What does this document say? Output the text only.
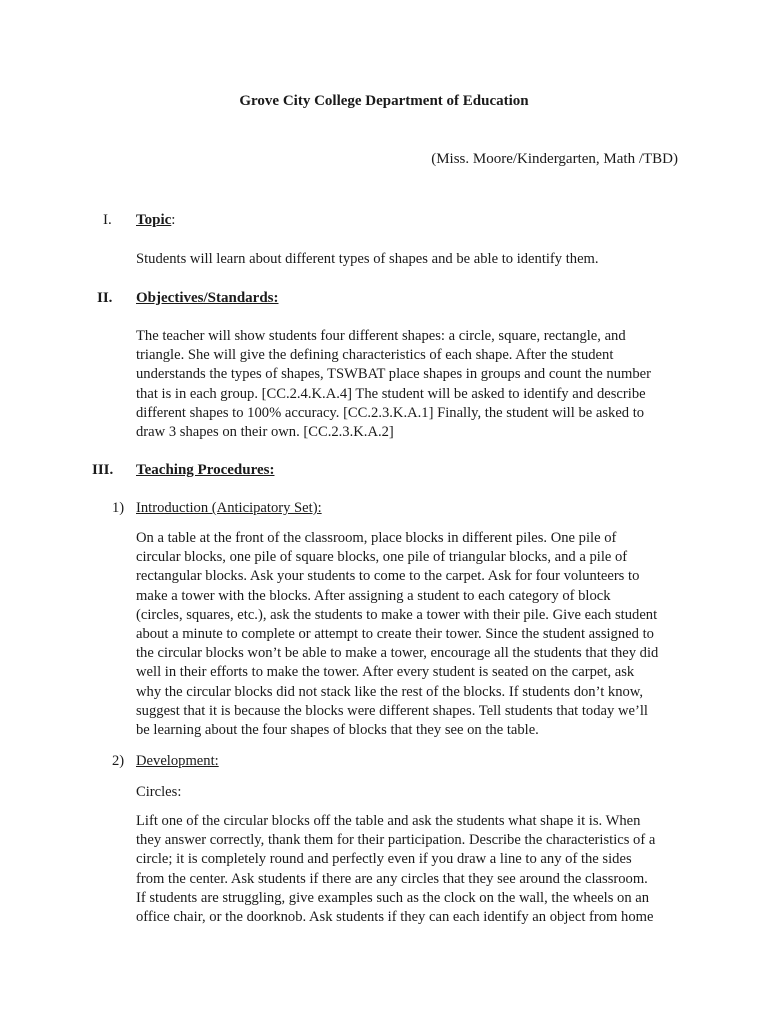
Grove City College Department of Education
(Miss. Moore/Kindergarten, Math /TBD)
I. Topic:
Students will learn about different types of shapes and be able to identify them.
II. Objectives/Standards:
The teacher will show students four different shapes: a circle, square, rectangle, and
triangle. She will give the defining characteristics of each shape. After the student
understands the types of shapes, TSWBAT place shapes in groups and count the number
that is in each group. [CC.2.4.K.A.4] The student will be asked to identify and describe
different shapes to 100% accuracy. [CC.2.3.K.A.1] Finally, the student will be asked to
draw 3 shapes on their own. [CC.2.3.K.A.2]
III. Teaching Procedures:
1) Introduction (Anticipatory Set):
On a table at the front of the classroom, place blocks in different piles. One pile of
circular blocks, one pile of square blocks, one pile of triangular blocks, and a pile of
rectangular blocks. Ask your students to come to the carpet. Ask for four volunteers to
make a tower with the blocks. After assigning a student to each category of block
(circles, squares, etc.), ask the students to make a tower with their pile. Give each student
about a minute to complete or attempt to create their tower. Since the student assigned to
the circular blocks won’t be able to make a tower, encourage all the students that they did
well in their efforts to make the tower. After every student is seated on the carpet, ask
why the circular blocks did not stack like the rest of the blocks. If students don’t know,
suggest that it is because the blocks were different shapes. Tell students that today we’ll
be learning about the four shapes of blocks that they see on the table.
2) Development:
Circles:
Lift one of the circular blocks off the table and ask the students what shape it is. When
they answer correctly, thank them for their participation. Describe the characteristics of a
circle; it is completely round and perfectly even if you draw a line to any of the sides
from the center. Ask students if there are any circles that they see around the classroom.
If students are struggling, give examples such as the clock on the wall, the wheels on an
office chair, or the doorknob. Ask students if they can each identify an object from home
